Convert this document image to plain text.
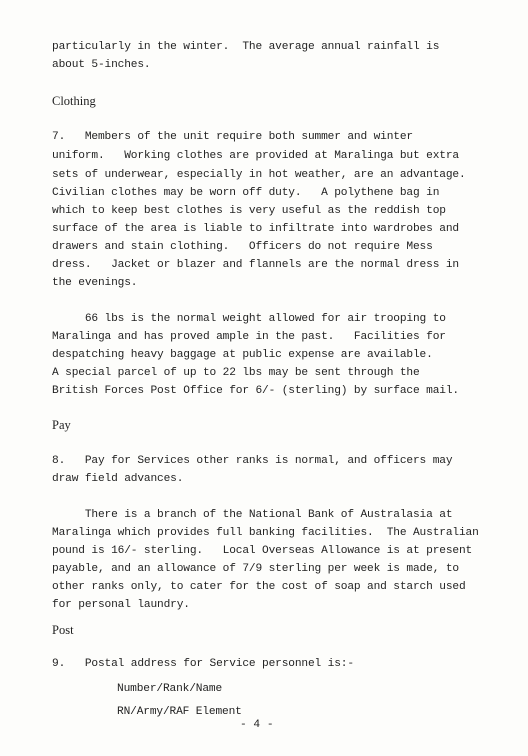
particularly in the winter.  The average annual rainfall is
about 5-inches.
Clothing
7.   Members of the unit require both summer and winter
uniform.   Working clothes are provided at Maralinga but extra
sets of underwear, especially in hot weather, are an advantage.
Civilian clothes may be worn off duty.   A polythene bag in
which to keep best clothes is very useful as the reddish top
surface of the area is liable to infiltrate into wardrobes and
drawers and stain clothing.   Officers do not require Mess
dress.   Jacket or blazer and flannels are the normal dress in
the evenings.
66 lbs is the normal weight allowed for air trooping to
Maralinga and has proved ample in the past.   Facilities for
despatching heavy baggage at public expense are available.
A special parcel of up to 22 lbs may be sent through the
British Forces Post Office for 6/- (sterling) by surface mail.
Pay
8.   Pay for Services other ranks is normal, and officers may
draw field advances.
There is a branch of the National Bank of Australasia at
Maralinga which provides full banking facilities.  The Australian
pound is 16/- sterling.   Local Overseas Allowance is at present
payable, and an allowance of 7/9 sterling per week is made, to
other ranks only, to cater for the cost of soap and starch used
for personal laundry.
Post
9.   Postal address for Service personnel is:-
Number/Rank/Name
RN/Army/RAF Element
- 4 -
